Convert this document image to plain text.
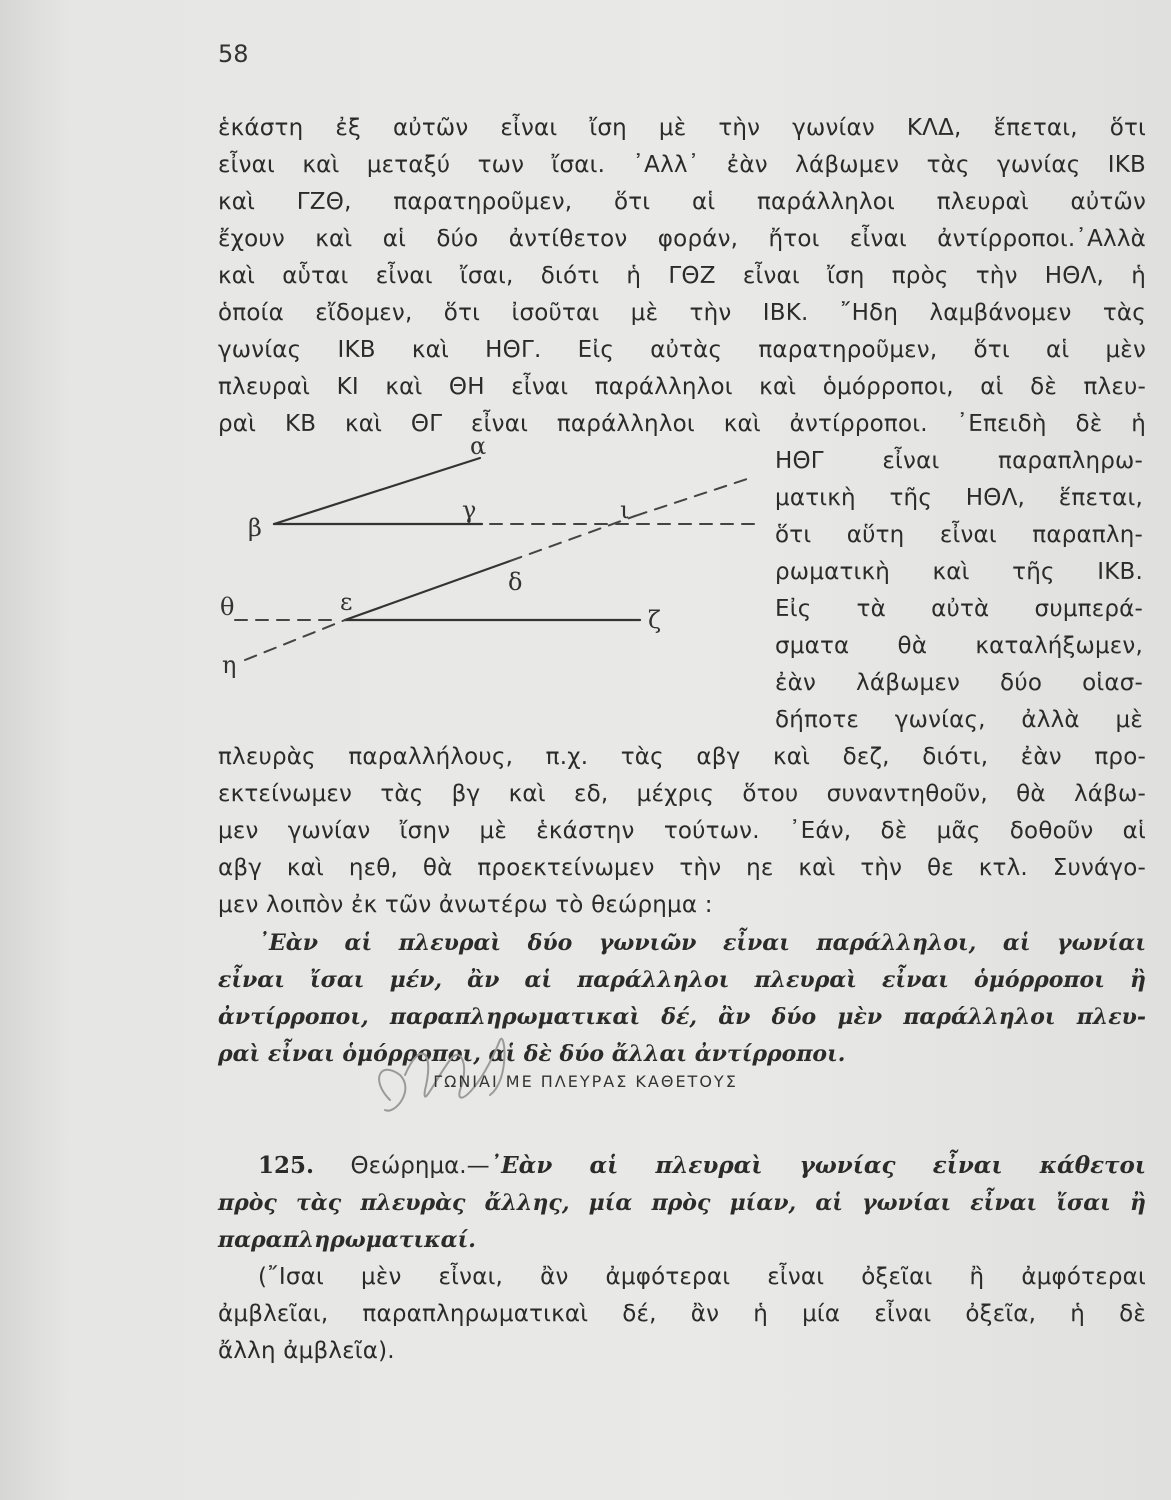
58
ἑκάστη ἐξ αὐτῶν εἶναι ἴση μὲ τὴν γωνίαν ΚΛΔ, ἕπεται, ὅτι
εἶναι καὶ μεταξύ των ἴσαι. ᾿Αλλ᾿ ἐὰν λάβωμεν τὰς γωνίας ΙΚΒ
καὶ ΓΖΘ, παρατηροῦμεν, ὅτι αἱ παράλληλοι πλευραὶ αὐτῶν
ἔχουν καὶ αἱ δύο ἀντίθετον φοράν, ἤτοι εἶναι ἀντίρροποι.᾿Αλλὰ
καὶ αὗται εἶναι ἴσαι, διότι ἡ ΓΘΖ εἶναι ἴση πρὸς τὴν ΗΘΛ, ἡ
ὁποία εἴδομεν, ὅτι ἰσοῦται μὲ τὴν ΙΒΚ. ῎Ηδη λαμβάνομεν τὰς
γωνίας ΙΚΒ καὶ ΗΘΓ. Εἰς αὐτὰς παρατηροῦμεν, ὅτι αἱ μὲν
πλευραὶ ΚΙ καὶ ΘΗ εἶναι παράλληλοι καὶ ὁμόρροποι, αἱ δὲ πλευ-
ραὶ ΚΒ καὶ ΘΓ εἶναι παράλληλοι καὶ ἀντίρροποι. ᾿Επειδὴ δὲ ἡ
ΗΘΓ εἶναι παραπληρω-
ματικὴ τῆς ΗΘΛ, ἕπεται,
ὅτι αὕτη εἶναι παραπλη-
ρωματικὴ καὶ τῆς ΙΚΒ.
Εἰς τὰ αὐτὰ συμπερά-
σματα θὰ καταλήξωμεν,
ἐὰν λάβωμεν δύο οἱασ-
δήποτε γωνίας, ἀλλὰ μὲ
πλευρὰς παραλλήλους, π.χ. τὰς αβγ καὶ δεζ, διότι, ἐὰν προ-
εκτείνωμεν τὰς βγ καὶ εδ, μέχρις ὅτου συναντηθοῦν, θὰ λάβω-
μεν γωνίαν ἴσην μὲ ἑκάστην τούτων. ᾿Εάν, δὲ μᾶς δοθοῦν αἱ
αβγ καὶ ηεθ, θὰ προεκτείνωμεν τὴν ηε καὶ τὴν θε κτλ. Συνάγο-
μεν λοιπὸν ἐκ τῶν ἀνωτέρω τὸ θεώρημα :
᾿Εὰν αἱ πλευραὶ δύο γωνιῶν εἶναι παράλληλοι, αἱ γωνίαι
εἶναι ἴσαι μέν, ἂν αἱ παράλληλοι πλευραὶ εἶναι ὁμόρροποι ἢ
ἀντίρροποι, παραπληρωματικαὶ δέ, ἂν δύο μὲν παράλληλοι πλευ-
ραὶ εἶναι ὁμόρροποι, αἱ δὲ δύο ἄλλαι ἀντίρροποι.
α
β
γ	ι
δ
θ	ε
ζ
η
ΓΩΝΙΑΙ ΜΕ ΠΛΕΥΡΑΣ ΚΑΘΕΤΟΥΣ
125. Θεώρημα.—᾿Εὰν αἱ πλευραὶ γωνίας εἶναι κάθετοι
πρὸς τὰς πλευρὰς ἄλλης, μία πρὸς μίαν, αἱ γωνίαι εἶναι ἴσαι ἢ
παραπληρωματικαί.
(῎Ισαι μὲν εἶναι, ἂν ἀμφότεραι εἶναι ὀξεῖαι ἢ ἀμφότεραι
ἀμβλεῖαι, παραπληρωματικαὶ δέ, ἂν ἡ μία εἶναι ὀξεῖα, ἡ δὲ
ἄλλη ἀμβλεῖα).
